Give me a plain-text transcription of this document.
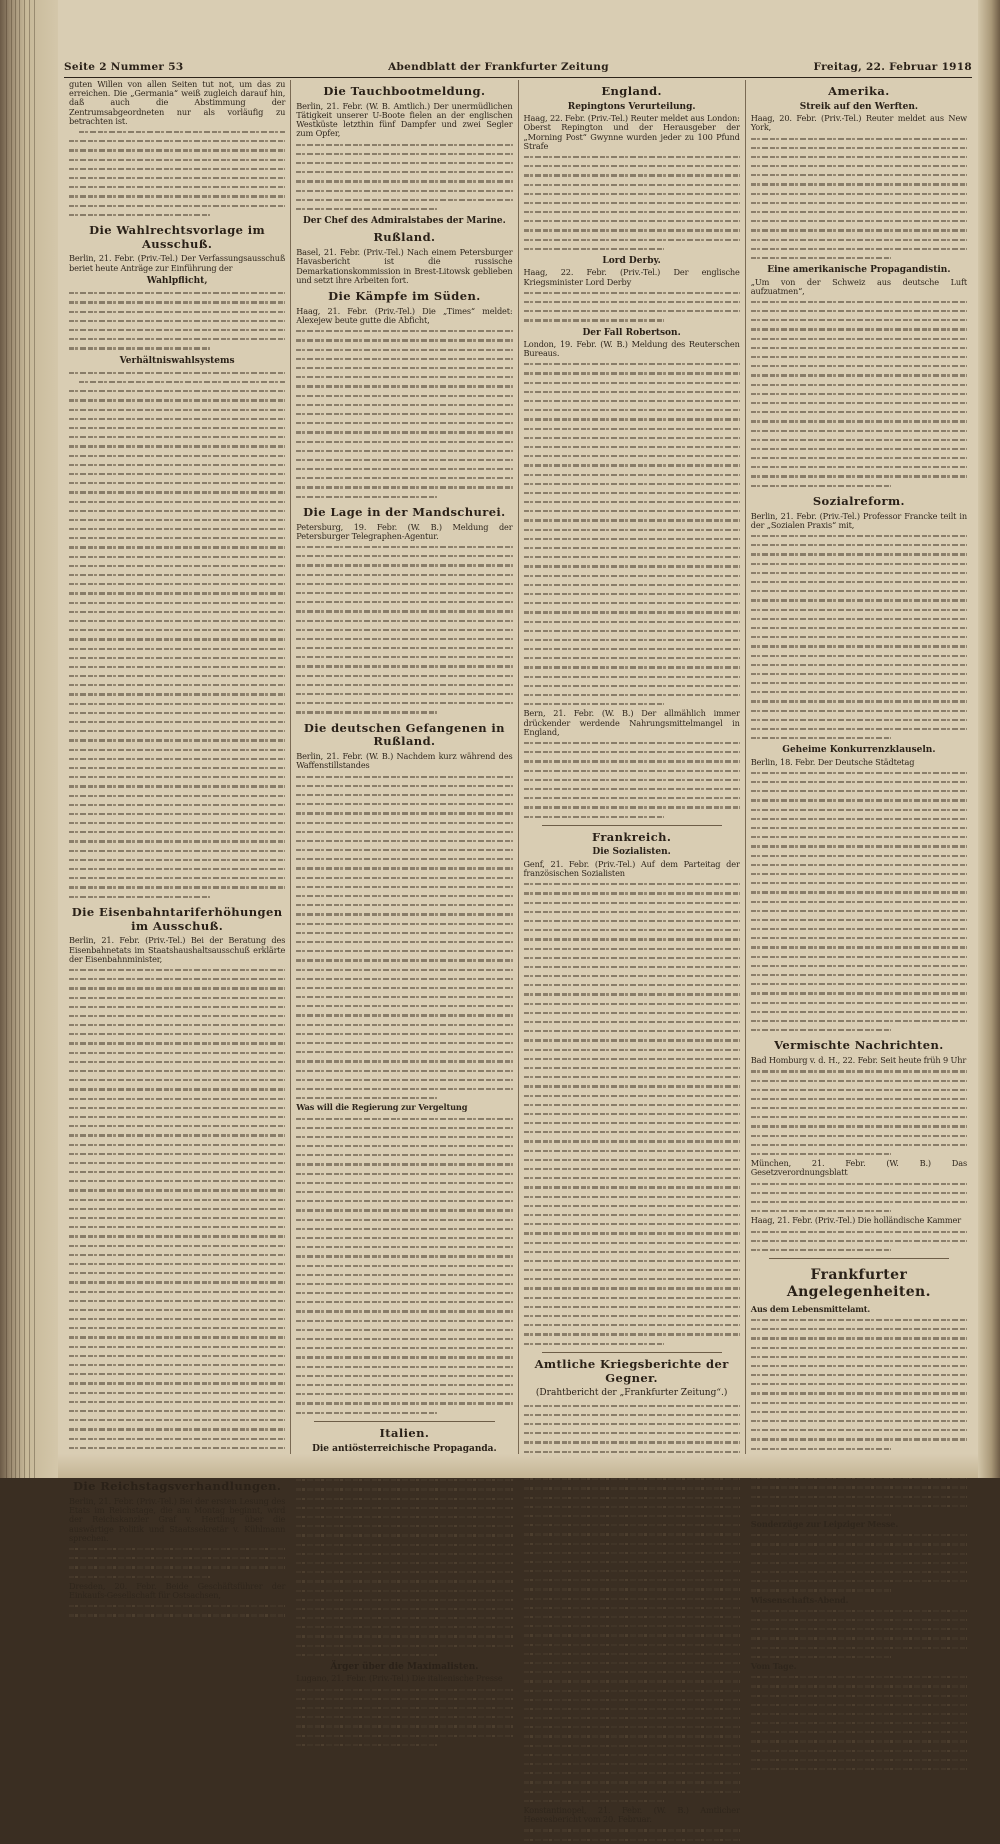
Seite 2 Nummer 53	Abendblatt der Frankfurter Zeitung	Freitag, 22. Februar 1918

guten Willen von allen Seiten tut not, um das zu erreichen. Die „Germania“ weiß zugleich darauf hin, daß auch die Abstimmung der Zentrumsabgeordneten nur als vorläufig zu betrachten ist.

Die Wahlrechtsvorlage im Ausschuß.

Berlin, 21. Febr. (Priv.-Tel.) Der Verfassungsausschuß beriet heute Anträge zur Einführung der

Wahlpflicht,
Verhältniswahlsystems
Die Eisenbahntariferhöhungen im Ausschuß.

Berlin, 21. Febr. (Priv.-Tel.) Bei der Beratung des Eisenbahnetats im Staatshaushaltsausschuß erklärte der Eisenbahnminister,

Die Reichstagsverhandlungen.

Berlin, 21. Febr. (Priv.-Tel.) Bei der ersten Lesung des Etats im Reichstage, die am Montag beginnt, wird der Reichskanzler Graf v. Hertling über die auswärtige Politik und Staatssekretär v. Kühlmann sprechen.

Dresden, 20. Febr. Beide Geschäftsführer der Einkaufs-Gesellschaft für Ostsachsen,

Die Tauchbootmeldung.

Berlin, 21. Febr. (W. B. Amtlich.) Der unermüdlichen Tätigkeit unserer U-Boote fielen an der englischen Westküste letzthin fünf Dampfer und zwei Segler zum Opfer,

Der Chef des Admiralstabes der Marine.
Rußland.

Basel, 21. Febr. (Priv.-Tel.) Nach einem Petersburger Havasbericht ist die russische Demarkationskommission in Brest-Litowsk geblieben und setzt ihre Arbeiten fort.

Die Kämpfe im Süden.

Haag, 21. Febr. (Priv.-Tel.) Die „Times“ meldet: Alexejew beute gutte die Abficht,

Die Lage in der Mandschurei.

Petersburg, 19. Febr. (W. B.) Meldung der Petersburger Telegraphen-Agentur.

Die deutschen Gefangenen in Rußland.

Berlin, 21. Febr. (W. B.) Nachdem kurz während des Waffenstillstandes

Was will die Regierung zur Vergeltung

Italien.
Die antiösterreichische Propaganda.

Ärger über die Maximalisten.

Lugano, 21. Febr. (Priv.-Tel.) Die italienische Presse

England.
Repingtons Verurteilung.

Haag, 22. Febr. (Priv.-Tel.) Reuter meldet aus London: Oberst Repington und der Herausgeber der „Morning Post“ Gwynne wurden jeder zu 100 Pfund Strafe

Lord Derby.

Haag, 22. Febr. (Priv.-Tel.) Der englische Kriegsminister Lord Derby

Der Fall Robertson.

London, 19. Febr. (W. B.) Meldung des Reuterschen Bureaus.

Bern, 21. Febr. (W. B.) Der allmählich immer drückender werdende Nahrungsmittelmangel in England,

Frankreich.
Die Sozialisten.

Genf, 21. Febr. (Priv.-Tel.) Auf dem Parteitag der französischen Sozialisten

Amtliche Kriegsberichte der Gegner.
(Drahtbericht der „Frankfurter Zeitung“.)

Konstantinopel, 21. Febr. (W. B.) Amtlicher Heeresbericht vom 20. Februar.

Amerika.
Streik auf den Werften.

Haag, 20. Febr. (Priv.-Tel.) Reuter meldet aus New York,

Eine amerikanische Propagandistin.

„Um von der Schweiz aus deutsche Luft aufzuatmen“,

Sozialreform.

Berlin, 21. Febr. (Priv.-Tel.) Professor Francke teilt in der „Sozialen Praxis“ mit,

Geheime Konkurrenzklauseln.

Berlin, 18. Febr. Der Deutsche Städtetag

Vermischte Nachrichten.

Bad Homburg v. d. H., 22. Febr. Seit heute früh 9 Uhr

München, 21. Febr. (W. B.) Das Gesetzverordnungsblatt

Haag, 21. Febr. (Priv.-Tel.) Die holländische Kammer

Frankfurter Angelegenheiten.

Aus dem Lebensmittelamt.

Sonderzüge zur Leipziger Messe.

Wissenschafts-Abend.

Vom Tage.
